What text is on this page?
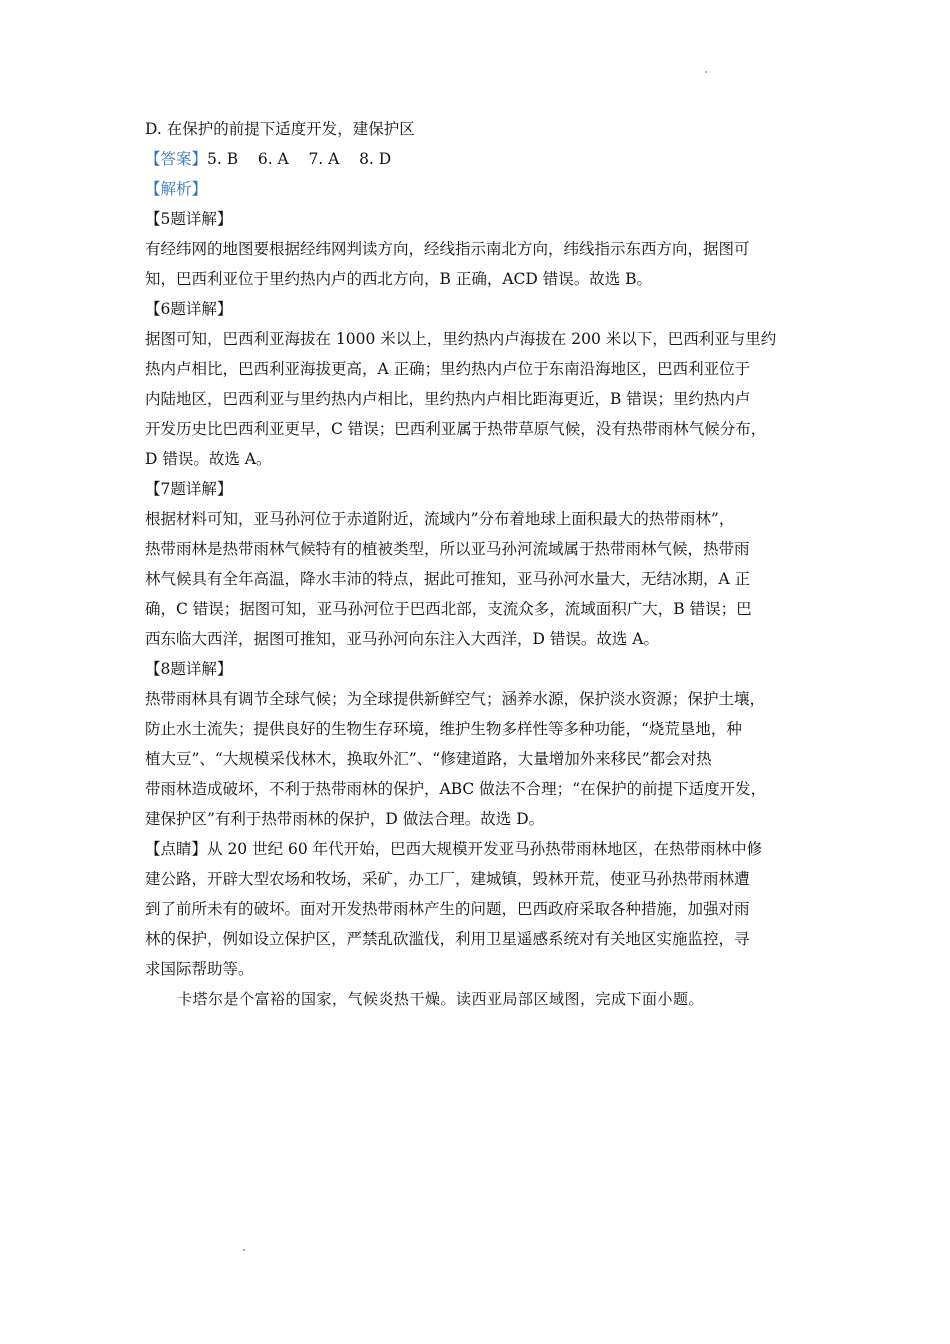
D. 在保护的前提下适度开发，建保护区
【答案】5. B    6. A    7. A    8. D
【解析】
【5题详解】
有经纬网的地图要根据经纬网判读方向，经线指示南北方向，纬线指示东西方向，据图可
知，巴西利亚位于里约热内卢的西北方向，B 正确，ACD 错误。故选 B。
【6题详解】
据图可知，巴西利亚海拔在 1000 米以上，里约热内卢海拔在 200 米以下，巴西利亚与里约
热内卢相比，巴西利亚海拔更高，A 正确；里约热内卢位于东南沿海地区，巴西利亚位于
内陆地区，巴西利亚与里约热内卢相比，里约热内卢相比距海更近，B 错误；里约热内卢
开发历史比巴西利亚更早，C 错误；巴西利亚属于热带草原气候，没有热带雨林气候分布，
D 错误。故选 A。
【7题详解】
根据材料可知，亚马孙河位于赤道附近，流域内”分布着地球上面积最大的热带雨林”，
热带雨林是热带雨林气候特有的植被类型，所以亚马孙河流域属于热带雨林气候，热带雨
林气候具有全年高温，降水丰沛的特点，据此可推知，亚马孙河水量大，无结冰期，A 正
确，C 错误；据图可知，亚马孙河位于巴西北部，支流众多，流域面积广大，B 错误；巴
西东临大西洋，据图可推知，亚马孙河向东注入大西洋，D 错误。故选 A。
【8题详解】
热带雨林具有调节全球气候；为全球提供新鲜空气；涵养水源，保护淡水资源；保护土壤，
防止水土流失；提供良好的生物生存环境，维护生物多样性等多种功能，“烧荒垦地，种
植大豆”、“大规模采伐林木，换取外汇”、“修建道路，大量增加外来移民”都会对热
带雨林造成破坏，不利于热带雨林的保护，ABC 做法不合理；“在保护的前提下适度开发，
建保护区”有利于热带雨林的保护，D 做法合理。故选 D。
【点睛】从 20 世纪 60 年代开始，巴西大规模开发亚马孙热带雨林地区，在热带雨林中修
建公路，开辟大型农场和牧场，采矿，办工厂，建城镇，毁林开荒，使亚马孙热带雨林遭
到了前所未有的破坏。面对开发热带雨林产生的问题，巴西政府采取各种措施，加强对雨
林的保护，例如设立保护区，严禁乱砍滥伐，利用卫星遥感系统对有关地区实施监控，寻
求国际帮助等。
卡塔尔是个富裕的国家，气候炎热干燥。读西亚局部区域图，完成下面小题。
